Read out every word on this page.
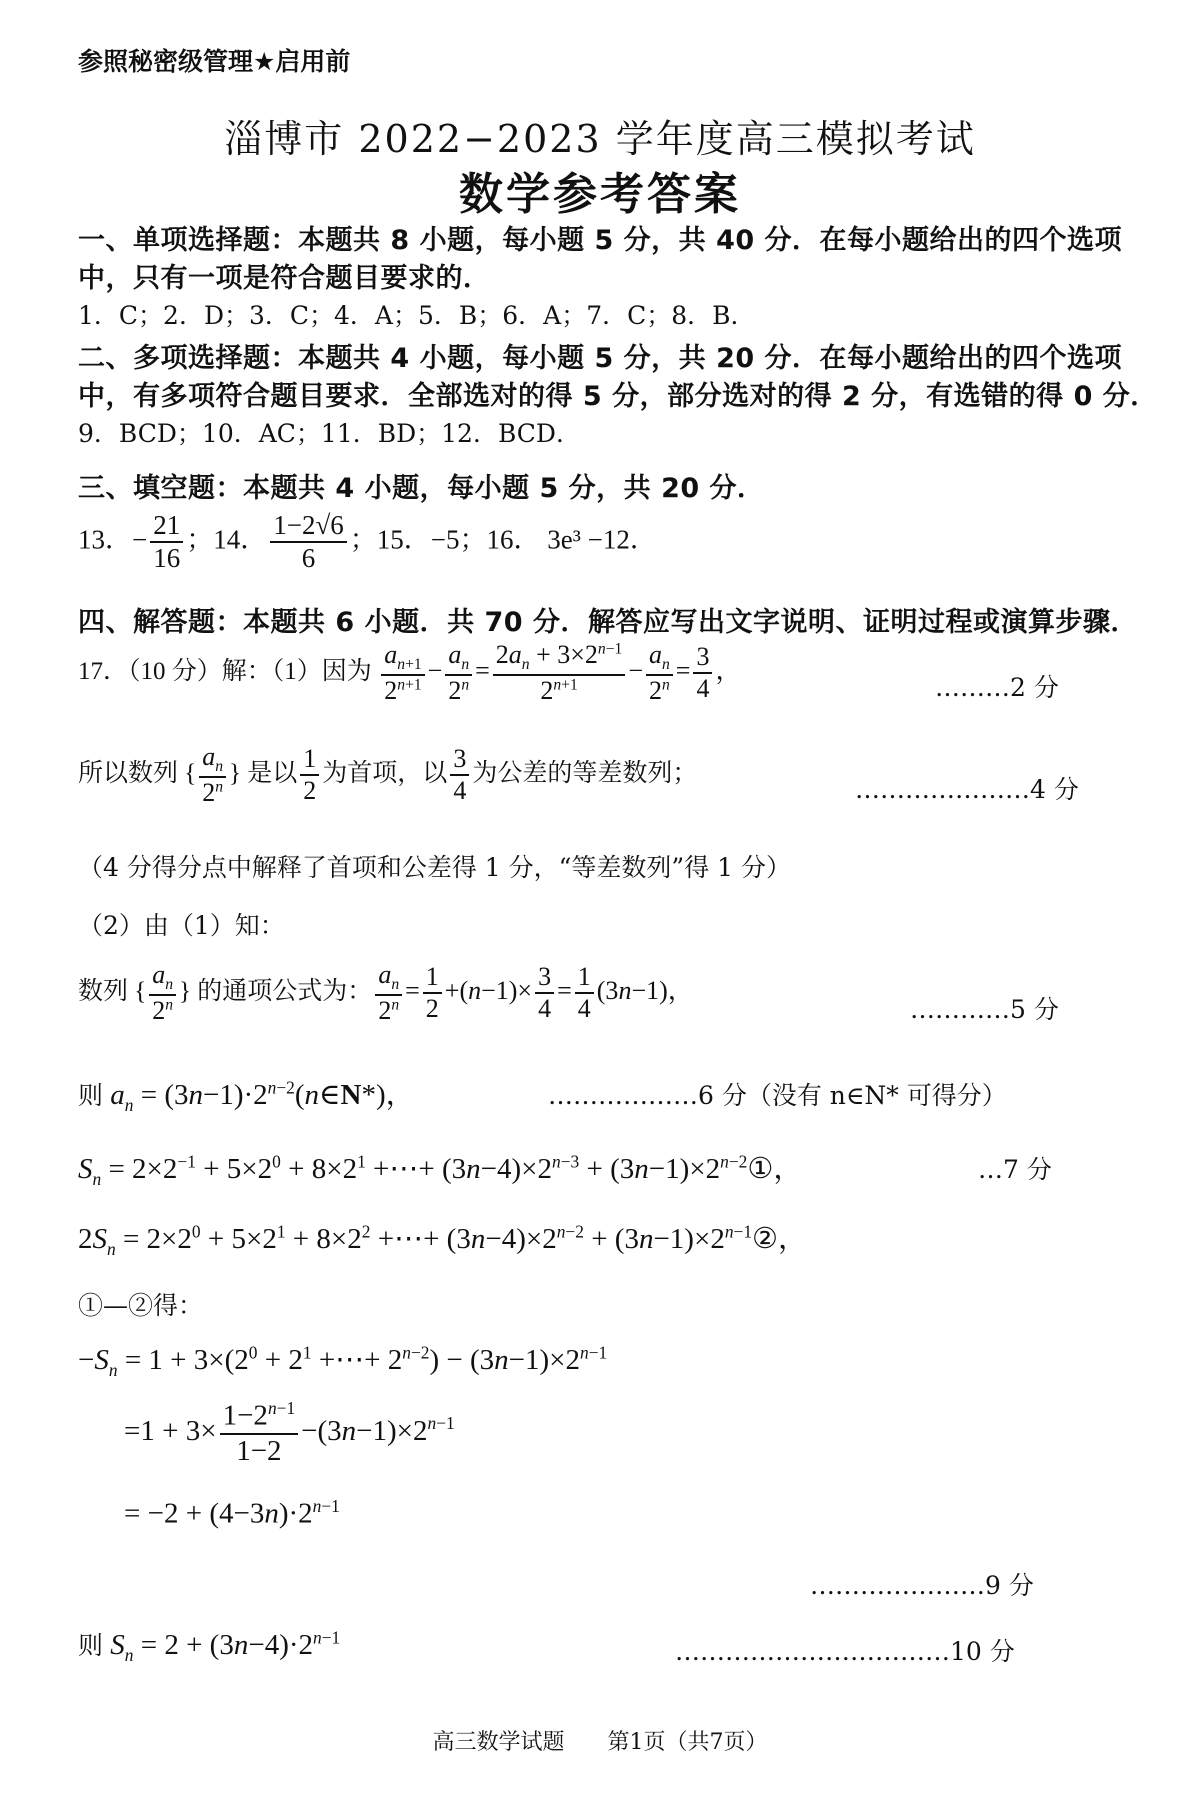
参照秘密级管理★启用前
淄博市 2022−2023 学年度高三模拟考试
数学参考答案
一、单项选择题：本题共 8 小题，每小题 5 分，共 40 分．在每小题给出的四个选项
中，只有一项是符合题目要求的．
1．C；2．D；3．C；4．A；5．B；6．A；7．C；8．B．
二、多项选择题：本题共 4 小题，每小题 5 分，共 20 分．在每小题给出的四个选项
中，有多项符合题目要求．全部选对的得 5 分，部分选对的得 2 分，有选错的得 0 分．
9．BCD；10．AC；11．BD；12．BCD．
三、填空题：本题共 4 小题，每小题 5 分，共 20 分．
13．− $\frac{21}{16}$ ；14． $\frac{1-2√6}{6}$ ；15．−5；16． 3e³ −12．
四、解答题：本题共 6 小题．共 70 分．解答应写出文字说明、证明过程或演算步骤．
17．（10 分）解：（1）因为 $\frac{a_{n+1}}{2^{n+1}} - \frac{a_n}{2^n} = \frac{2a_n + 3\times 2^{n-1}}{2^{n+1}} - \frac{a_n}{2^n} = \frac{3}{4}$ ，
………2 分
所以数列 { $\frac{a_n}{2^n}$ } 是以 $\frac{1}{2}$ 为首项，以 $\frac{3}{4}$ 为公差的等差数列；
…………………4 分
（4 分得分点中解释了首项和公差得 1 分，“等差数列”得 1 分）
（2）由（1）知：
数列 { $\frac{a_n}{2^n}$ } 的通项公式为： $\frac{a_n}{2^n} = \frac{1}{2} +(n-1)\times \frac{3}{4} = \frac{1}{4} (3n-1)$，
…………5 分
则 $a_n$ = $(3n-1)\cdot 2^{n-2}(n\in N*)$，	………………6 分（没有 n∈N* 可得分）
$S_n = 2\times 2^{-1} + 5\times 2^0 + 8\times 2^1$ +⋯+ $(3n-4)\times 2^{n-3}$ + $(3n-1)\times 2^{n-2}①$，	…7 分
$2S_n = 2\times 2^0 + 5\times 2^1 + 8\times 2^2$ +⋯+ $(3n-4)\times 2^{n-2}$ + $(3n-1)\times 2^{n-1}②$，
①—②得：
$-S_n = 1 + 3\times(2^0 + 2^1$ +⋯+ $2^{n-2}) - (3n-1)\times 2^{n-1}$
$=1 + 3\times \frac{1-2^{n-1}}{1-2} -(3n-1)\times 2^{n-1}$
= $-2 + (4-3n)\cdot 2^{n-1}$
…………………9 分
则 $S_n = 2 + (3n-4)\cdot 2^{n-1}$	……………………………10 分
高三数学试题 第1页（共7页）
